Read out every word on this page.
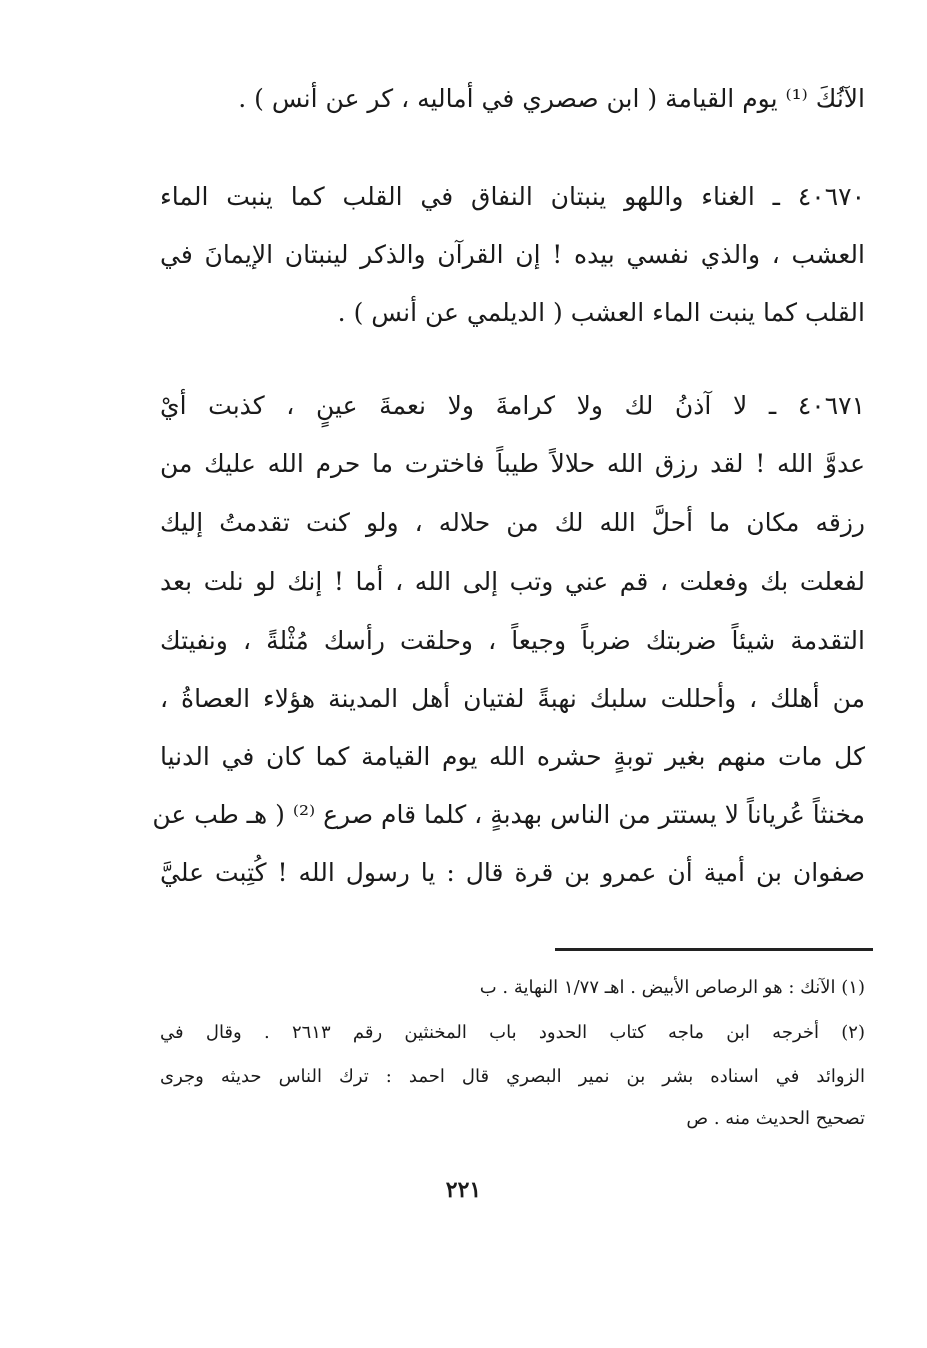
الآنُكَ ⁽¹⁾ يوم القيامة ( ابن صصري في أماليه ، كر عن أنس ) .
٤٠٦٧٠ ـ الغناء واللهو ينبتان النفاق في القلب كما ينبت الماء
العشب ، والذي نفسي بيده ! إن القرآن والذكر لينبتان الإيمانَ في
القلب كما ينبت الماء العشب ( الديلمي عن أنس ) .
٤٠٦٧١ ـ لا آذنُ لك ولا كرامةَ ولا نعمةَ عينٍ ، كذبت أيْ
عدوَّ الله ! لقد رزق الله حلالاً طيباً فاخترت ما حرم الله عليك من
رزقه مكان ما أحلَّ الله لك من حلاله ، ولو كنت تقدمتُ إليك
لفعلت بك وفعلت ، قم عني وتب إلى الله ، أما ! إنك لو نلت بعد
التقدمة شيئاً ضربتك ضرباً وجيعاً ، وحلقت رأسك مُثْلةً ، ونفيتك
من أهلك ، وأحللت سلبك نهبةً لفتيان أهل المدينة هؤلاء العصاةُ ،
كل مات منهم بغير توبةٍ حشره الله يوم القيامة كما كان في الدنيا
مخنثاً عُرياناً لا يستتر من الناس بهدبةٍ ، كلما قام صرع ⁽²⁾ ( هـ طب عن
صفوان بن أمية أن عمرو بن قرة قال : يا رسول الله ! كُتِبت عليَّ
(١) الآنك : هو الرصاص الأبيض . اهـ ١/٧٧ النهاية . ب
(٢) أخرجه ابن ماجه كتاب الحدود باب المخنثين رقم ٢٦١٣ . وقال في
الزوائد في اسناده بشر بن نمير البصري قال احمد : ترك الناس حديثه وجرى
تصحيح الحديث منه . ص
٢٢١
